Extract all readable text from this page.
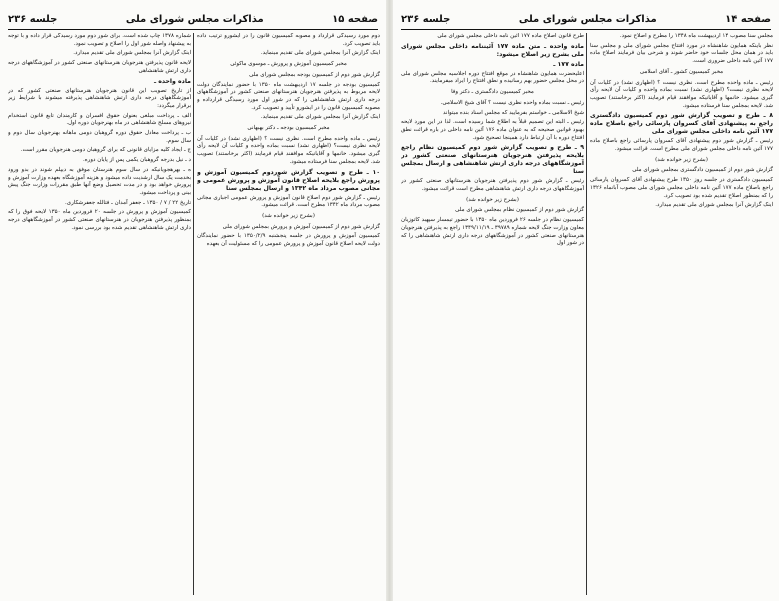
صفحه ۱۵
مذاکرات مجلس شورای ملی
جلسه ۲۳۶
دوم مورد رسیدگی قرارداد و مصوبه کمیسیون قانون را در ایشورو ترتیب داده باید تصویب کرد.
اینک گزارش آنرا بمجلس شورای ملی تقدیم مینماید.
مخبر کمیسیون آموزش و پرورش ـ موسوی ماکوئی
گزارش شور دوم از کمیسیون بودجه بمجلس شورای ملی
کمیسیون بودجه در جلسه ۱۷ اردیبهشت ماه ۱۳۵۰ با حضور نمایندگان دولت لایحه مربوط به پذیرفتن هنرجویان هنرستانهای صنعتی کشور در آموزشگاههای درجه داری ارتش شاهنشاهی را که در شور اول مورد رسیدگی قرارداده و مصوبه کمیسیون قانون را در ایشورو تأیید و تصویب کرد.
اینک گزارش آنرا بمجلس شورای ملی تقدیم مینماید.
مخبر کمیسیون بودجه ـ دکتر بهبهانی
رئیس ـ ماده واحده مطرح است. نظری نیست ؟ (اظهاری نشد) در کلیات آن لایحه نظری نیست؟ (اظهاری نشد) نسبت بماده واحده و کلیات آن لایحه رأی گیری میشود. خانمها و آقایانیکه موافقند قیام فرمایند (اکثر برخاستند) تصویب شد. لایحه بمجلس سنا فرستاده میشود.
۱۰ ـ طرح و تصویب گزارش شوردوم کمیسیون آموزش و پرورش راجع بلایحه اصلاح قانون آموزش و پرورش عمومی و مجانی مصوب مرداد ماه ۱۳۴۲ و ارسال بمجلس سنا
رئیس ـ گزارش شور دوم اصلاح قانون آموزش و پرورش عمومی اجباری مجانی مصوب مرداد ماه ۱۳۴۲ مطرح است. قرائت میشود.
(بشرح زیر خوانده شد)
گزارش شور دوم از کمیسیون آموزش و پرورش بمجلس شورای ملی
کمیسیون آموزش و پرورش در جلسه پنجشنبه ۱۳۵۰/۲/۹ با حضور نمایندگان دولت لایحه اصلاح قانون آموزش و پرورش عمومی را که مسئولیت آن بعهده
شماره ۱۳۷۸ چاپ شده است. برای شور دوم مورد رسیدگی قرار داده و با توجه به پیشنهاد واصله شور اول را اصلاح و تصویب نمود.
اینک گزارش آنرا بمجلس شورای ملی تقدیم میدارد.
لایحه قانون پذیرفتن هنرجویان هنرستانهای صنعتی کشور در آموزشگاههای درجه داری ارتش شاهنشاهی
ماده واحده ـ
از تاریخ تصویب این قانون هنرجویان هنرستانهای صنعتی کشور که در آموزشگاههای درجه داری ارتش شاهنشاهی پذیرفته میشوند با شرایط زیر برقرار میگردد:
الف ـ پرداخت مبلغی بعنوان حقوق افسران و کارمندان تابع قانون استخدام نیروهای مسلح شاهنشاهی در ماه بهنرجویان دوره اول.
ب ـ پرداخت معادل حقوق دوره گروهبان دومی ماهانه بهنرجویان سال دوم و سال سوم.
ج ـ ایجاد کلیه مزایای قانونی که برای گروهبان دومی هنرجویان مقرر است.
د ـ نیل بدرجه گروهبان یکمی پس از پایان دوره.
ه ـ بهرهجویانیکه در سال سوم هنرستان موفق به دیپلم شوند در بدو ورود بخدمت یک سال ارشدیت داده میشود و هزینه آموزشگاه بعهده وزارت آموزش و پرورش خواهد بود و در مدت تحصیل وضع آنها طبق مقررات وزارت جنگ پیش بینی و پرداخت میشود.
تاریخ ۲۲ / ۷ / ۱۳۵۰ ـ جعفر آمدان ـ فتالله جعفرشکاری.
کمیسیون آموزش و پرورش در جلسه ۲۰ فروردین ماه ۱۳۵۰ لایحه فوق را که بمنظور پذیرفتن هنرجویان در هنرستانهای صنعتی کشور در آموزشگاههای درجه داری ارتش شاهنشاهی تقدیم شده بود بررسی نمود.
صفحه ۱۴
مذاکرات مجلس شورای ملی
جلسه ۲۳۶
مجلس سنا مصوب ۱۴ اردیبهشت ماه ۱۳۴۸ را مطرح و اصلاح نمود.
نظر باینکه همایون شاهنشاه در مورد افتتاح مجلس شورای ملی و مجلس سنا باید در همان محل جلسات خود حاضر شوند و شرحی بیان فرمایند اصلاح ماده ۱۷۷ آئین نامه داخلی ضروری است.
مخبر کمیسیون کشور ـ آقای اسلامی
رئیس ـ ماده واحده مطرح است. نظری نیست ؟ (اظهاری نشد) در کلیات آن لایحه نظری نیست؟ (اظهاری نشد) نسبت بماده واحده و کلیات آن لایحه رأی گیری میشود. خانمها و آقایانیکه موافقند قیام فرمایند (اکثر برخاستند) تصویب شد. لایحه بمجلس سنا فرستاده میشود.
۸ ـ طرح و تصویب گزارش شور دوم کمیسیون دادگستری راجع به پیشنهادی آقای کسروان پارسائی راجع باصلاح ماده ۱۷۷ آئین نامه داخلی مجلس شورای ملی
رئیس ـ گزارش شور دوم پیشنهادی آقای کسروان پارسائی راجع باصلاح ماده ۱۷۷ آئین نامه داخلی مجلس شورای ملی مطرح است. قرائت میشود.
(بشرح زیر خوانده شد)
گزارش شور دوم از کمیسیون دادگستری بمجلس شورای ملی
کمیسیون دادگستری در جلسه روز ۱۳۵۰ طرح پیشنهادی آقای کسروان پارسائی راجع باصلاح ماده ۱۷۷ آئین نامه داخلی مجلس شورای ملی مصوب آبانماه ۱۳۲۶ را که بمنظور اصلاح تقدیم شده بود تصویب کرد.
اینک گزارش آنرا بمجلس شورای ملی تقدیم میدارد.
طرح قانون اصلاح ماده ۱۷۷ آئین نامه داخلی مجلس شورای ملی
ماده واحده ـ متن ماده ۱۷۷ آئیننامه داخلی مجلس شورای ملی بشرح زیر اصلاح میشود:
ماده ۱۷۷ ـ
اعلیحضرت همایون شاهنشاه در موقع افتتاح دوره اجلاسیه مجلس شورای ملی در محل مجلس حضور بهم رسانیده و نطق افتتاح را ایراد میفرمایند.
مخبر کمیسیون دادگستری ـ دکتر وفا
رئیس ـ نسبت بماده واحده نظری نیست ؟ آقای شیخ الاسلامی.
شیخ الاسلامی ـ خواستم بفرمایید که مجلس اسناد بنده میتواند
رئیس ـ البته این تصمیم قبلاً به اطلاع شما رسیده است. لذا در این مورد لایحه بهبود قوانین صحیحه که به عنوان ماده ۱۷۶ آئین نامه داخلی در باره قرائت نطق افتتاح دوره با آن ارتباط دارد همینجا تصحیح شود.
۹ ـ طرح و تصویب گزارش شور دوم کمیسیون نظام راجع بلایحه پذیرفتن هنرجویان هنرستانهای صنعتی کشور در آموزشگاههای درجه داری ارتش شاهنشاهی و ارسال بمجلس سنا
رئیس ـ گزارش شور دوم پذیرفتن هنرجویان هنرستانهای صنعتی کشور در آموزشگاههای درجه داری ارتش شاهنشاهی مطرح است قرائت میشود.
(بشرح زیر خوانده شد)
گزارش شور دوم از کمیسیون نظام بمجلس شورای ملی
کمیسیون نظام در جلسه ۲۶ فروردین ماه ۱۳۵۰ با حضور تیمسار سپهبد کاتوزیان معاون وزارت جنگ لایحه شماره ۳۹۷۸۹ ـ ۱۳۴۹/۱۱/۱۹ راجع به پذیرفتن هنرجویان هنرستانهای صنعتی کشور در آموزشگاههای درجه داری ارتش شاهنشاهی را که در شور اول
